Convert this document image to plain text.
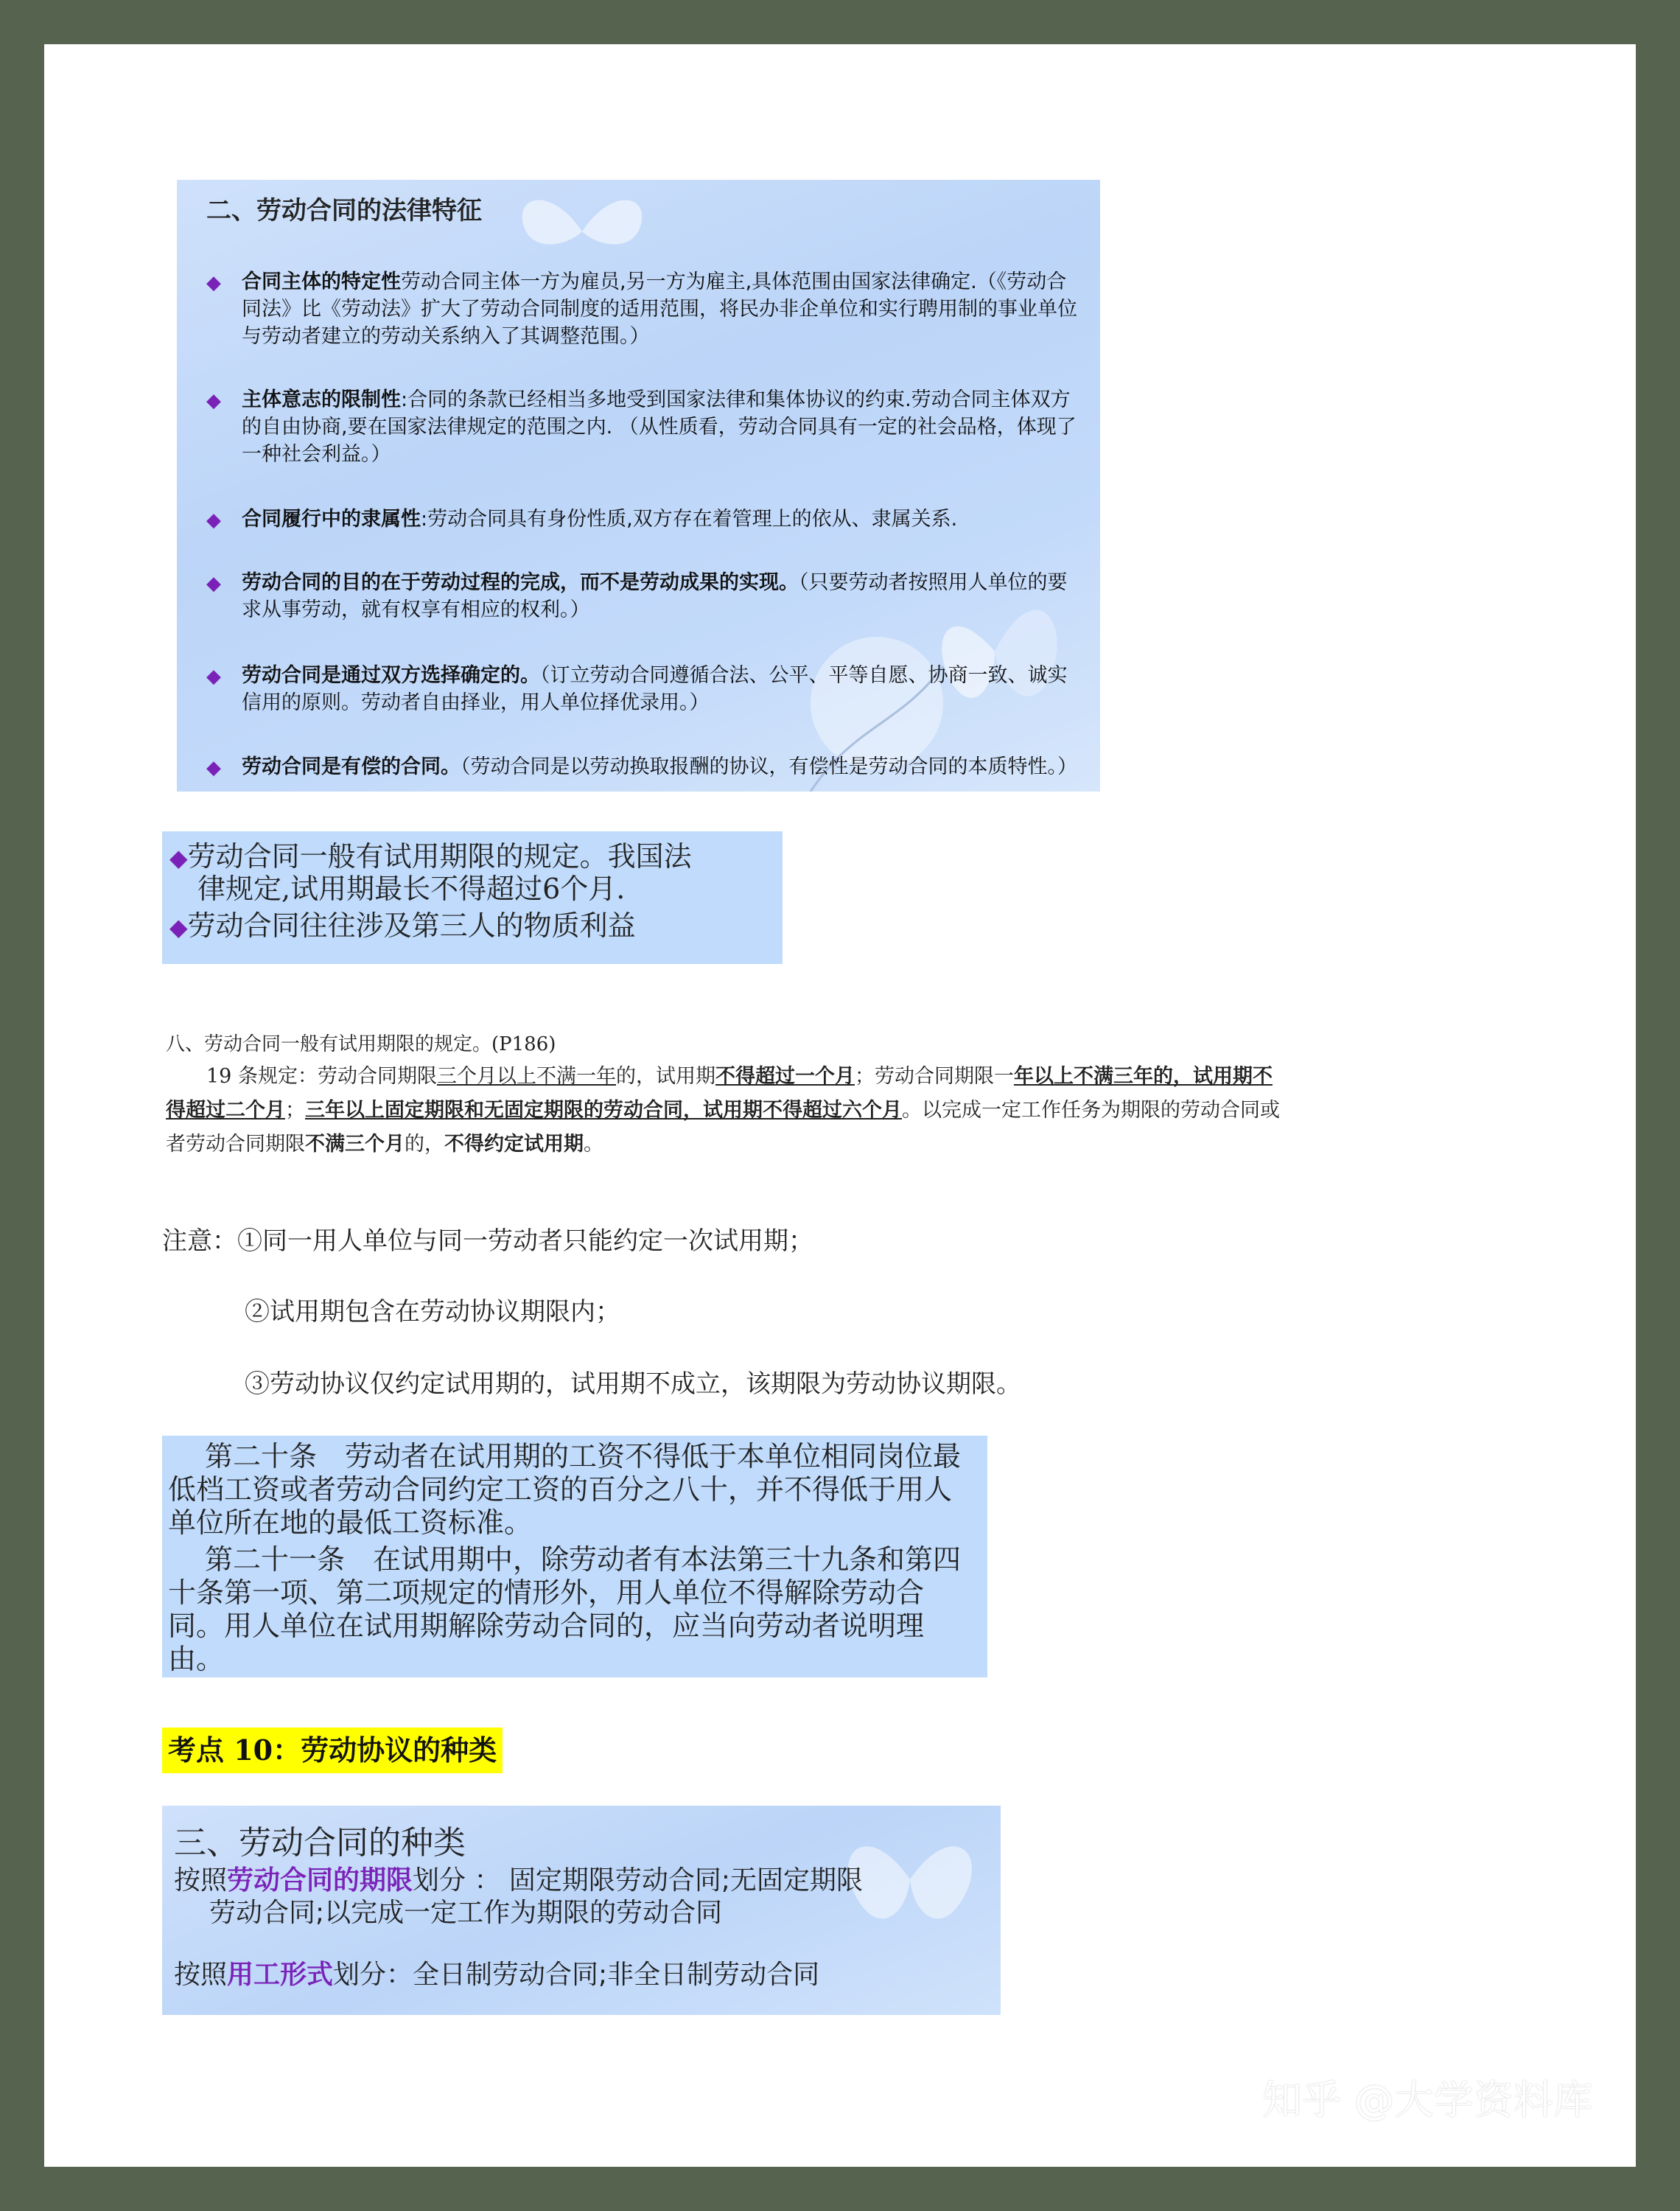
二、劳动合同的法律特征
◆ 合同主体的特定性劳动合同主体一方为雇员,另一方为雇主,具体范围由国家法律确定.（《劳动合同法》比《劳动法》扩大了劳动合同制度的适用范围，将民办非企单位和实行聘用制的事业单位与劳动者建立的劳动关系纳入了其调整范围。）
◆ 主体意志的限制性:合同的条款已经相当多地受到国家法律和集体协议的约束.劳动合同主体双方的自由协商,要在国家法律规定的范围之内. （从性质看，劳动合同具有一定的社会品格，体现了一种社会利益。）
◆ 合同履行中的隶属性:劳动合同具有身份性质,双方存在着管理上的依从、隶属关系.
◆ 劳动合同的目的在于劳动过程的完成，而不是劳动成果的实现。（只要劳动者按照用人单位的要求从事劳动，就有权享有相应的权利。）
◆ 劳动合同是通过双方选择确定的。（订立劳动合同遵循合法、公平、平等自愿、协商一致、诚实信用的原则。劳动者自由择业，用人单位择优录用。）
◆ 劳动合同是有偿的合同。（劳动合同是以劳动换取报酬的协议，有偿性是劳动合同的本质特性。）
◆劳动合同一般有试用期限的规定。我国法
律规定,试用期最长不得超过6个月.
◆劳动合同往往涉及第三人的物质利益
八、劳动合同一般有试用期限的规定。(P186)
19 条规定：劳动合同期限三个月以上不满一年的，试用期不得超过一个月；劳动合同期限一年以上不满三年的，试用期不得超过二个月；三年以上固定期限和无固定期限的劳动合同，试用期不得超过六个月。以完成一定工作任务为期限的劳动合同或者劳动合同期限不满三个月的，不得约定试用期。
注意：①同一用人单位与同一劳动者只能约定一次试用期；
②试用期包含在劳动协议期限内；
③劳动协议仅约定试用期的，试用期不成立，该期限为劳动协议期限。
第二十条　劳动者在试用期的工资不得低于本单位相同岗位最低档工资或者劳动合同约定工资的百分之八十，并不得低于用人单位所在地的最低工资标准。
第二十一条　在试用期中，除劳动者有本法第三十九条和第四十条第一项、第二项规定的情形外，用人单位不得解除劳动合同。用人单位在试用期解除劳动合同的，应当向劳动者说明理由。
考点 10：劳动协议的种类
三、劳动合同的种类
按照劳动合同的期限划分 ： 固定期限劳动合同;无固定期限
劳动合同;以完成一定工作为期限的劳动合同
按照用工形式划分：全日制劳动合同;非全日制劳动合同
知乎 @大学资料库
